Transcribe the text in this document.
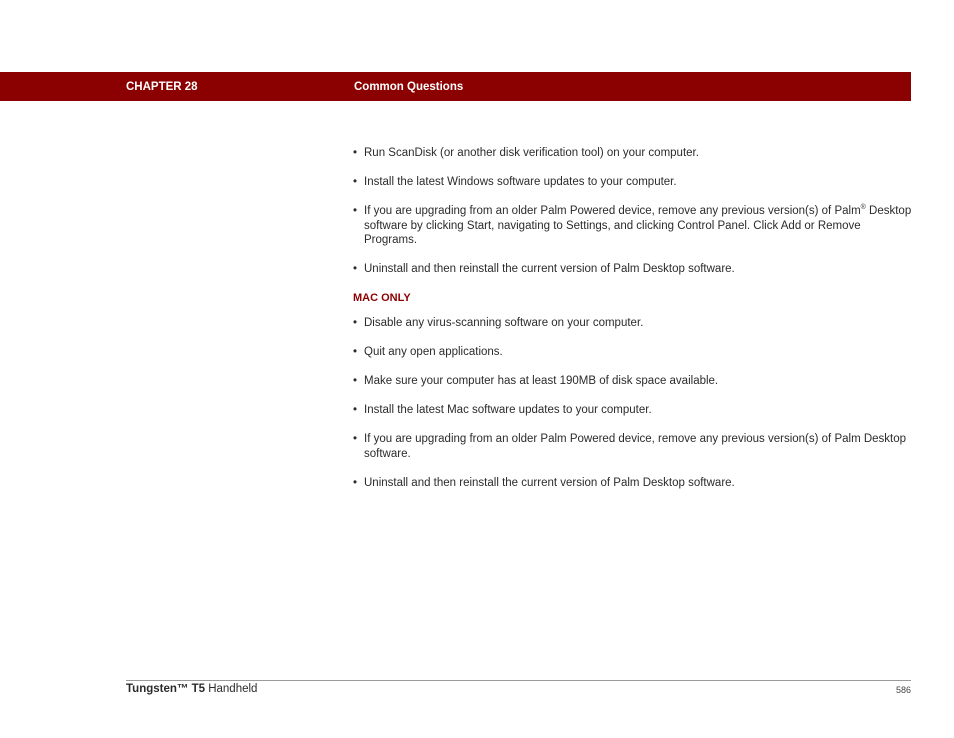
CHAPTER 28	Common Questions
• Run ScanDisk (or another disk verification tool) on your computer.
• Install the latest Windows software updates to your computer.
• If you are upgrading from an older Palm Powered device, remove any previous version(s) of Palm® Desktop software by clicking Start, navigating to Settings, and clicking Control Panel. Click Add or Remove Programs.
• Uninstall and then reinstall the current version of Palm Desktop software.
MAC ONLY
• Disable any virus-scanning software on your computer.
• Quit any open applications.
• Make sure your computer has at least 190MB of disk space available.
• Install the latest Mac software updates to your computer.
• If you are upgrading from an older Palm Powered device, remove any previous version(s) of Palm Desktop software.
• Uninstall and then reinstall the current version of Palm Desktop software.
Tungsten™ T5 Handheld	586
